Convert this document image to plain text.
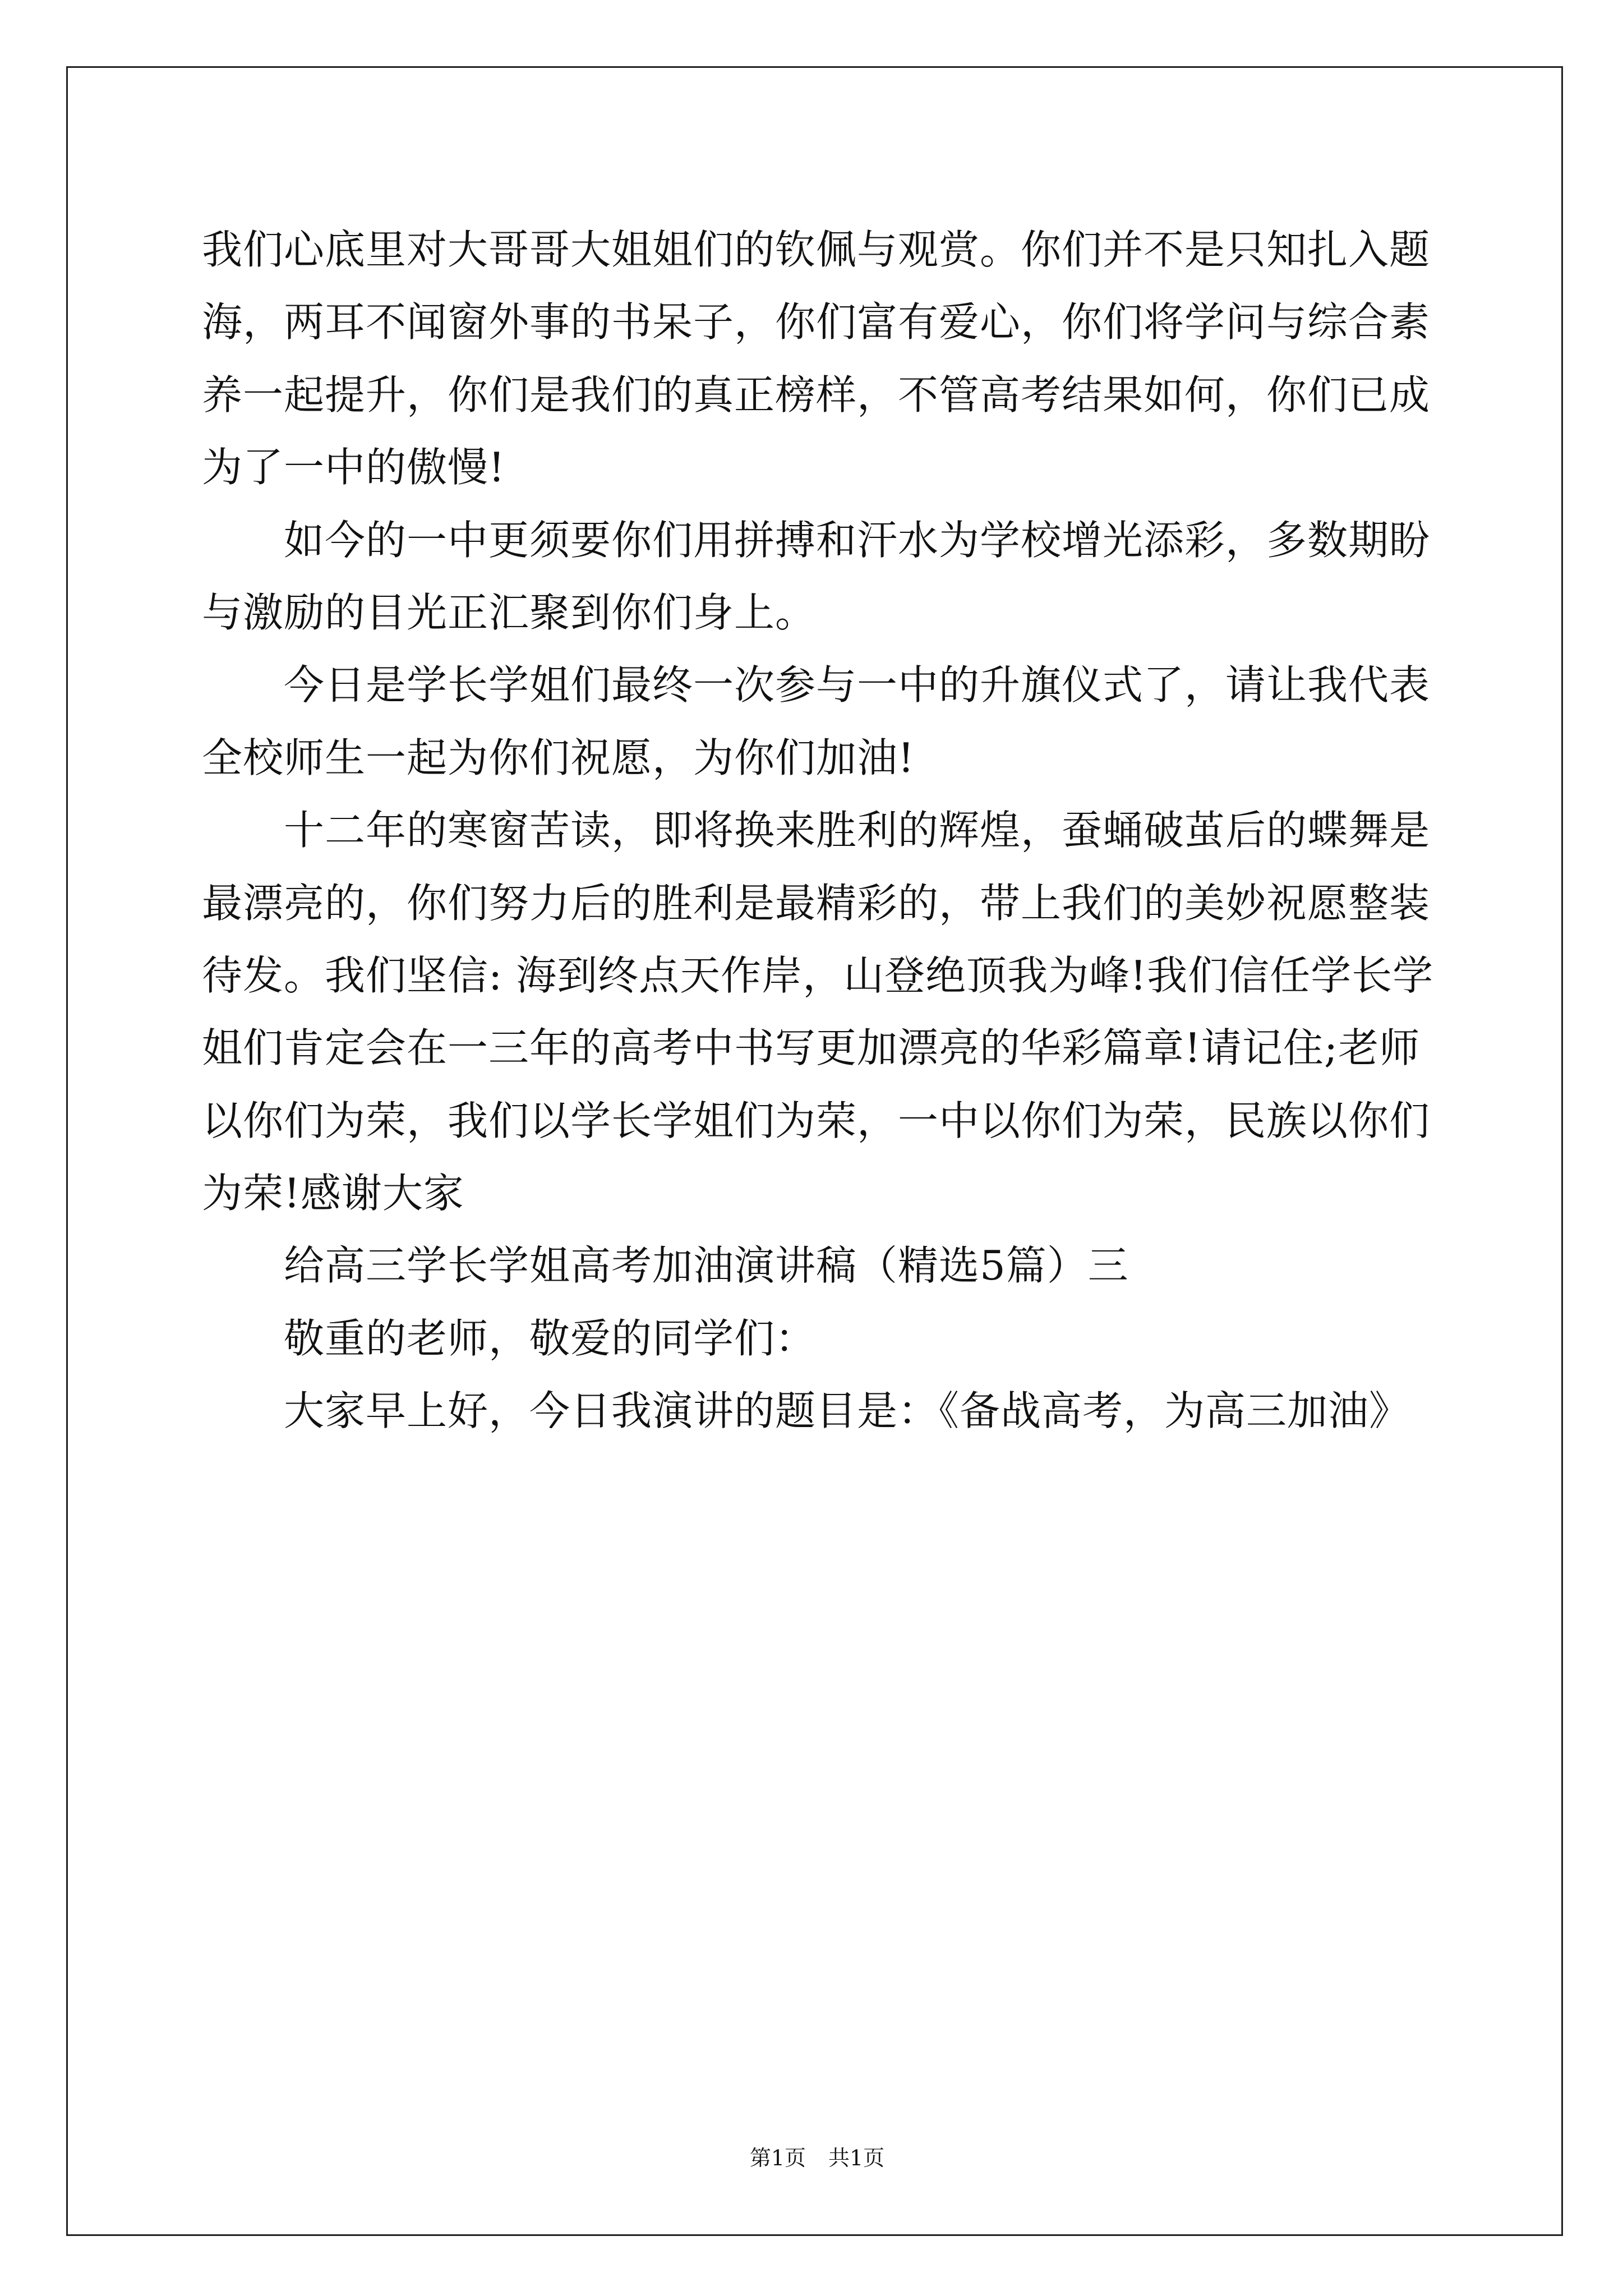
我们心底里对大哥哥大姐姐们的钦佩与观赏。你们并不是只知扎入题
海，两耳不闻窗外事的书呆子，你们富有爱心，你们将学问与综合素
养一起提升，你们是我们的真正榜样，不管高考结果如何，你们已成
为了一中的傲慢!
如今的一中更须要你们用拼搏和汗水为学校增光添彩，多数期盼
与激励的目光正汇聚到你们身上。
今日是学长学姐们最终一次参与一中的升旗仪式了，请让我代表
全校师生一起为你们祝愿，为你们加油!
十二年的寒窗苦读，即将换来胜利的辉煌，蚕蛹破茧后的蝶舞是
最漂亮的，你们努力后的胜利是最精彩的，带上我们的美妙祝愿整装
待发。我们坚信: 海到终点天作岸，山登绝顶我为峰!我们信任学长学
姐们肯定会在一三年的高考中书写更加漂亮的华彩篇章!请记住;老师
以你们为荣，我们以学长学姐们为荣，一中以你们为荣，民族以你们
为荣!感谢大家
给高三学长学姐高考加油演讲稿（精选5篇）三
敬重的老师，敬爱的同学们：
大家早上好，今日我演讲的题目是：《备战高考，为高三加油》
第1页 共1页
